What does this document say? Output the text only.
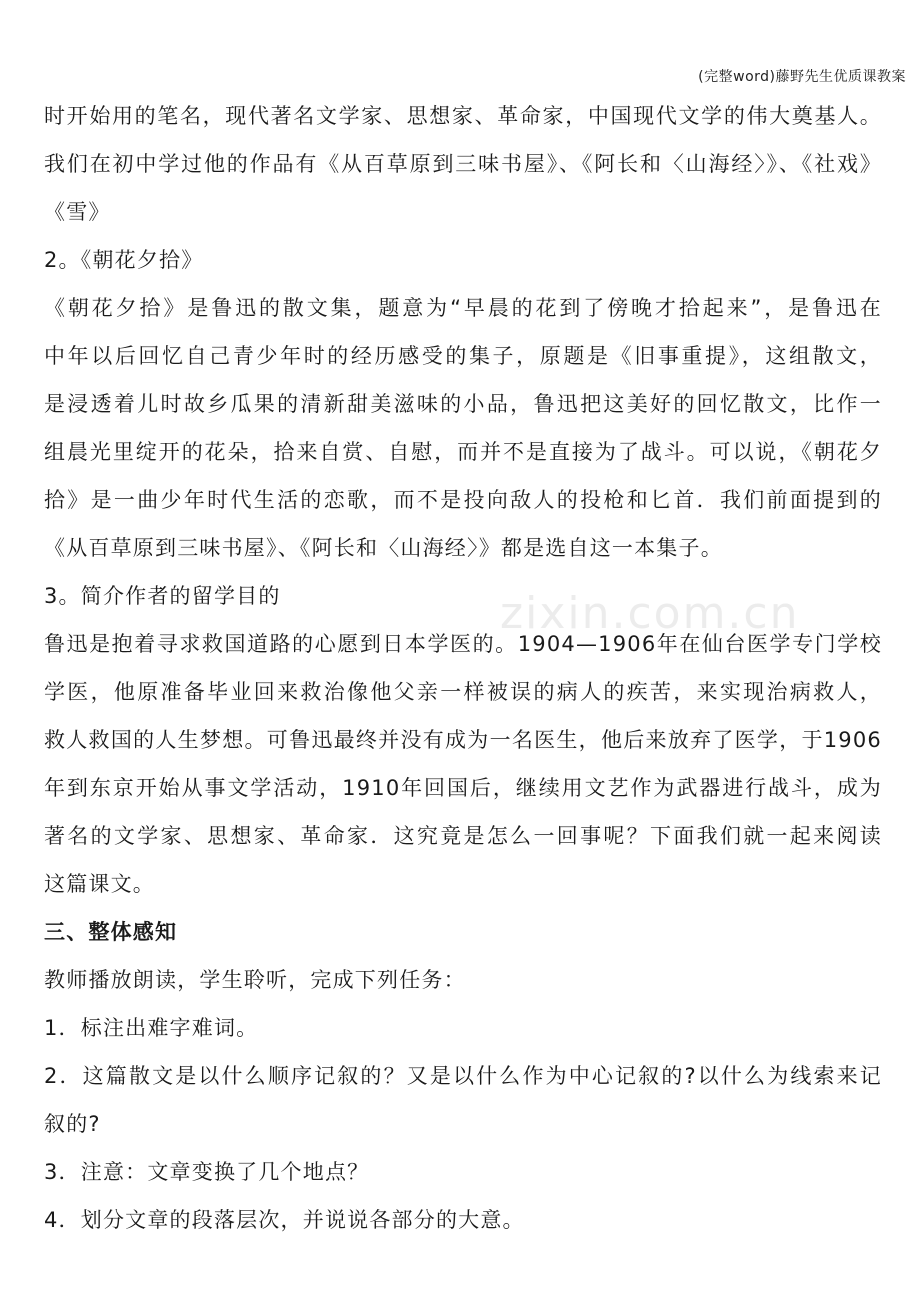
(完整word)藤野先生优质课教案
zixin.com.cn
时开始用的笔名，现代著名文学家、思想家、革命家，中国现代文学的伟大奠基人。
我们在初中学过他的作品有《从百草原到三味书屋》、《阿长和〈山海经〉》、《社戏》
《雪》
2。《朝花夕拾》
《朝花夕拾》是鲁迅的散文集，题意为“早晨的花到了傍晚才拾起来”，是鲁迅在
中年以后回忆自己青少年时的经历感受的集子，原题是《旧事重提》，这组散文，
是浸透着儿时故乡瓜果的清新甜美滋味的小品，鲁迅把这美好的回忆散文，比作一
组晨光里绽开的花朵，拾来自赏、自慰，而并不是直接为了战斗。可以说，《朝花夕
拾》是一曲少年时代生活的恋歌，而不是投向敌人的投枪和匕首．我们前面提到的
《从百草原到三味书屋》、《阿长和〈山海经〉》都是选自这一本集子。
3。简介作者的留学目的
鲁迅是抱着寻求救国道路的心愿到日本学医的。1904—1906年在仙台医学专门学校
学医，他原准备毕业回来救治像他父亲一样被误的病人的疾苦，来实现治病救人，
救人救国的人生梦想。可鲁迅最终并没有成为一名医生，他后来放弃了医学，于1906
年到东京开始从事文学活动，1910年回国后，继续用文艺作为武器进行战斗，成为
著名的文学家、思想家、革命家．这究竟是怎么一回事呢？下面我们就一起来阅读
这篇课文。
三、整体感知
教师播放朗读，学生聆听，完成下列任务：
1．标注出难字难词。
2．这篇散文是以什么顺序记叙的？又是以什么作为中心记叙的?以什么为线索来记
叙的?
3．注意：文章变换了几个地点？
4．划分文章的段落层次，并说说各部分的大意。
